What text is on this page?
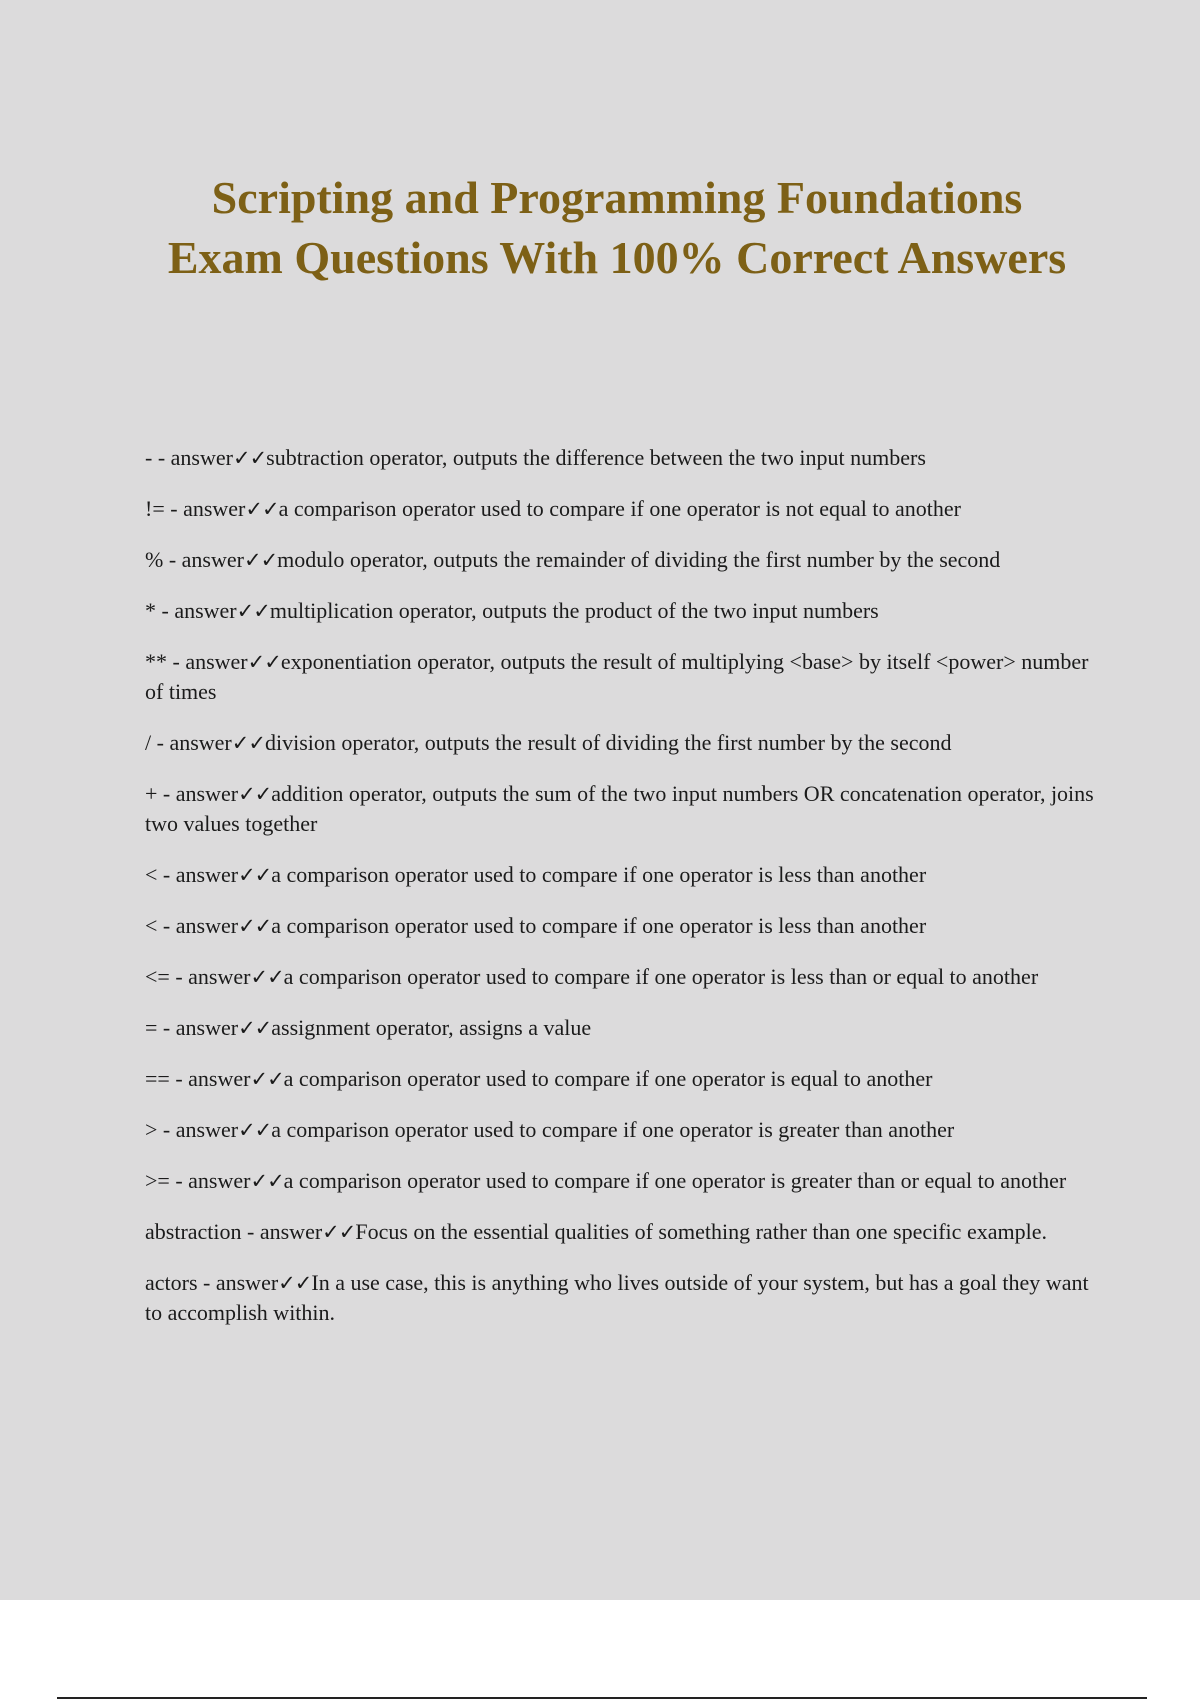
Scripting and Programming Foundations Exam Questions With 100% Correct Answers

- - answer✓✓subtraction operator, outputs the difference between the two input numbers

!= - answer✓✓a comparison operator used to compare if one operator is not equal to another

% - answer✓✓modulo operator, outputs the remainder of dividing the first number by the second

* - answer✓✓multiplication operator, outputs the product of the two input numbers

** - answer✓✓exponentiation operator, outputs the result of multiplying <base> by itself <power> number of times

/ - answer✓✓division operator, outputs the result of dividing the first number by the second

+ - answer✓✓addition operator, outputs the sum of the two input numbers OR concatenation operator, joins two values together

< - answer✓✓a comparison operator used to compare if one operator is less than another

< - answer✓✓a comparison operator used to compare if one operator is less than another

<= - answer✓✓a comparison operator used to compare if one operator is less than or equal to another

= - answer✓✓assignment operator, assigns a value

== - answer✓✓a comparison operator used to compare if one operator is equal to another

> - answer✓✓a comparison operator used to compare if one operator is greater than another

>= - answer✓✓a comparison operator used to compare if one operator is greater than or equal to another

abstraction - answer✓✓Focus on the essential qualities of something rather than one specific example.

actors - answer✓✓In a use case, this is anything who lives outside of your system, but has a goal they want to accomplish within.
